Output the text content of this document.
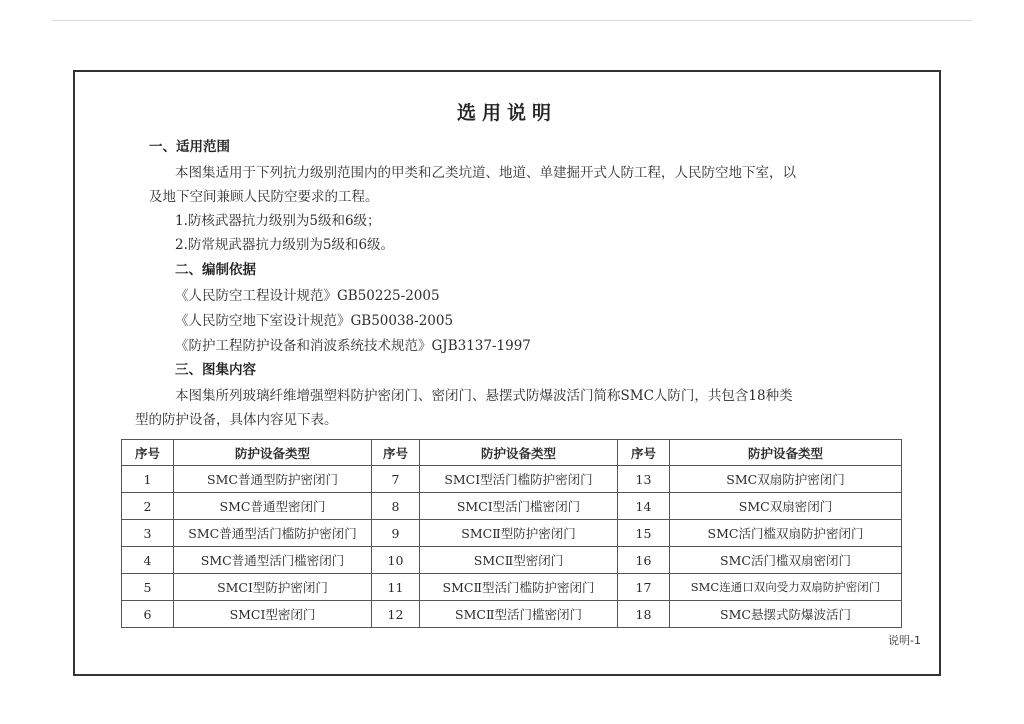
选用说明
一、适用范围
本图集适用于下列抗力级别范围内的甲类和乙类坑道、地道、单建掘开式人防工程，人民防空地下室，以
及地下空间兼顾人民防空要求的工程。
1.防核武器抗力级别为5级和6级；
2.防常规武器抗力级别为5级和6级。
二、编制依据
《人民防空工程设计规范》GB50225-2005
《人民防空地下室设计规范》GB50038-2005
《防护工程防护设备和消波系统技术规范》GJB3137-1997
三、图集内容
本图集所列玻璃纤维增强塑料防护密闭门、密闭门、悬摆式防爆波活门简称SMC人防门，共包含18种类
型的防护设备，具体内容见下表。
序号	防护设备类型	序号	防护设备类型	序号	防护设备类型
1	SMC普通型防护密闭门	7	SMCⅠ型活门槛防护密闭门	13	SMC双扇防护密闭门
2	SMC普通型密闭门	8	SMCⅠ型活门槛密闭门	14	SMC双扇密闭门
3	SMC普通型活门槛防护密闭门	9	SMCⅡ型防护密闭门	15	SMC活门槛双扇防护密闭门
4	SMC普通型活门槛密闭门	10	SMCⅡ型密闭门	16	SMC活门槛双扇密闭门
5	SMCⅠ型防护密闭门	11	SMCⅡ型活门槛防护密闭门	17	SMC连通口双向受力双扇防护密闭门
6	SMCⅠ型密闭门	12	SMCⅡ型活门槛密闭门	18	SMC悬摆式防爆波活门
说明-1
